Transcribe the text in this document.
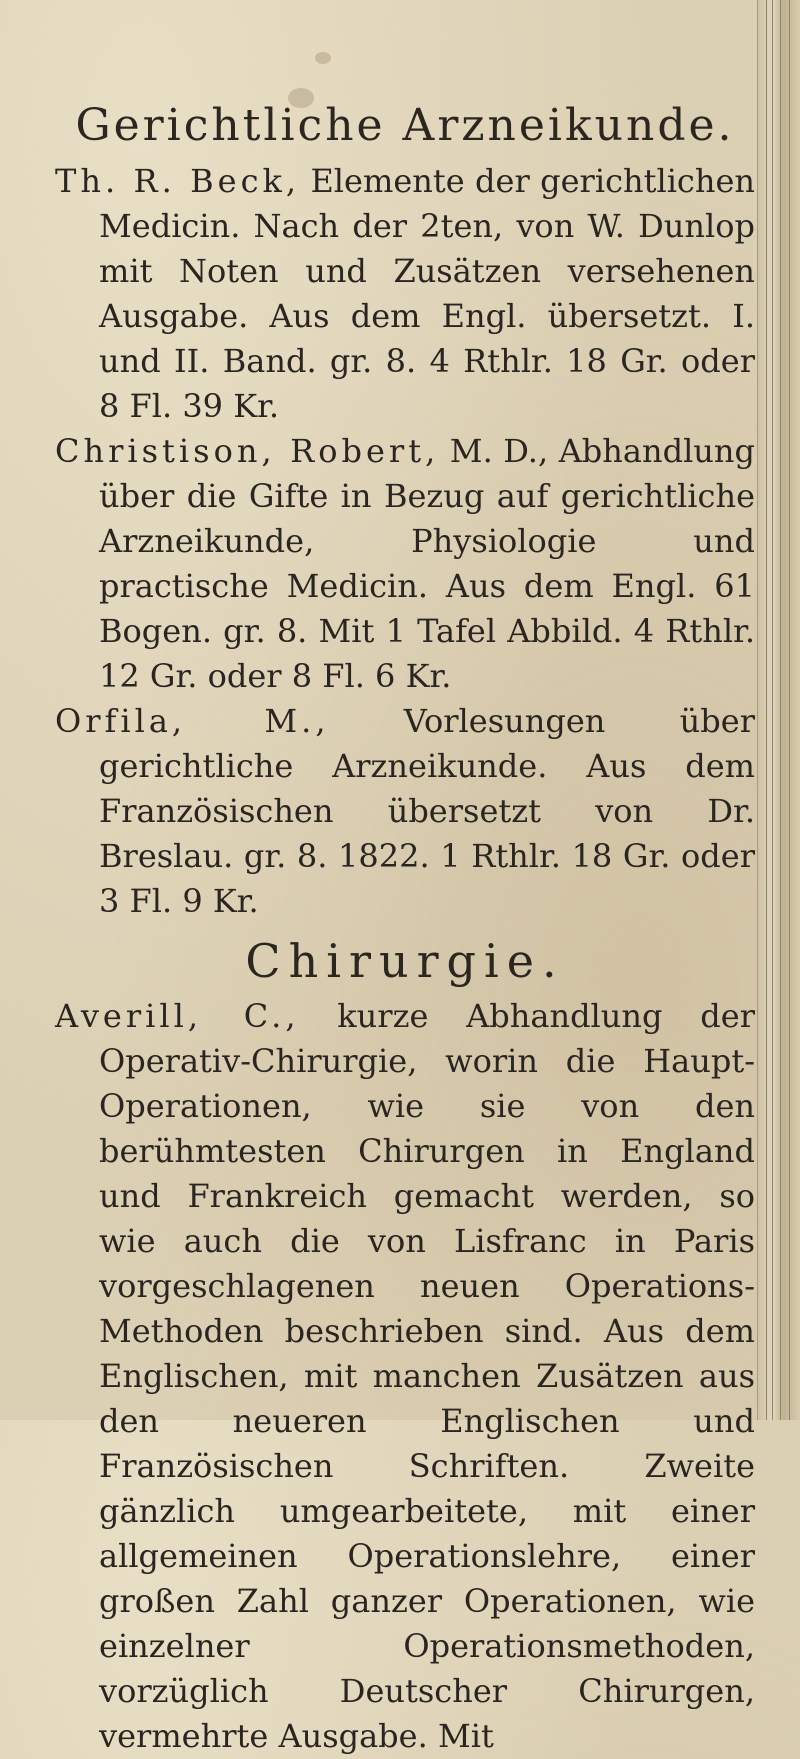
Gerichtliche Arzneikunde.
Th. R. Beck, Elemente der gerichtlichen Medicin. Nach der 2ten, von W. Dunlop mit Noten und Zusätzen versehenen Ausgabe. Aus dem Engl. übersetzt. I. und II. Band. gr. 8. 4 Rthlr. 18 Gr. oder 8 Fl. 39 Kr.
Christison, Robert, M. D., Abhandlung über die Gifte in Bezug auf gerichtliche Arzneikunde, Physiologie und practische Medicin. Aus dem Engl. 61 Bogen. gr. 8. Mit 1 Tafel Abbild. 4 Rthlr. 12 Gr. oder 8 Fl. 6 Kr.
Orfila, M., Vorlesungen über gerichtliche Arzneikunde. Aus dem Französischen übersetzt von Dr. Breslau. gr. 8. 1822. 1 Rthlr. 18 Gr. oder 3 Fl. 9 Kr.
Chirurgie.
Averill, C., kurze Abhandlung der Operativ-Chirurgie, worin die Haupt-Operationen, wie sie von den berühmtesten Chirurgen in England und Frankreich gemacht werden, so wie auch die von Lisfranc in Paris vorgeschlagenen neuen Operations-Methoden beschrieben sind. Aus dem Englischen, mit manchen Zusätzen aus den neueren Englischen und Französischen Schriften. Zweite gänzlich umgearbeitete, mit einer allgemeinen Operationslehre, einer großen Zahl ganzer Operationen, wie einzelner Operationsmethoden, vorzüglich Deutscher Chirurgen, vermehrte Ausgabe. Mit
